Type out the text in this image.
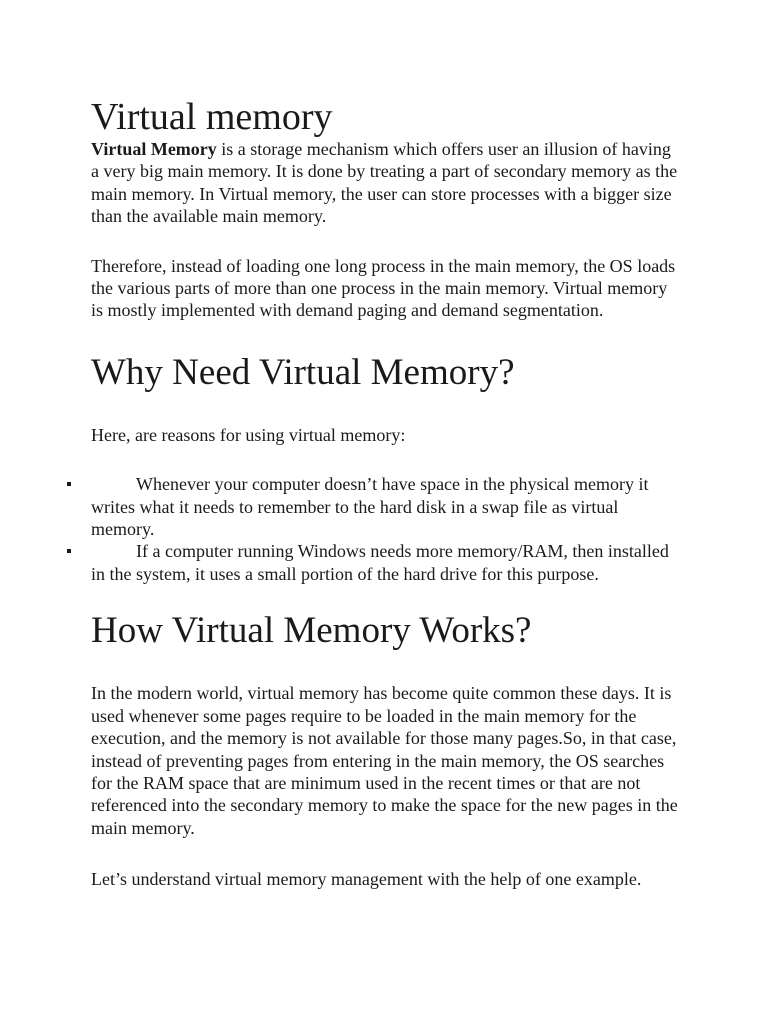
Virtual memory

Virtual Memory is a storage mechanism which offers user an illusion of having a very big main memory. It is done by treating a part of secondary memory as the main memory. In Virtual memory, the user can store processes with a bigger size than the available main memory.

Therefore, instead of loading one long process in the main memory, the OS loads the various parts of more than one process in the main memory. Virtual memory is mostly implemented with demand paging and demand segmentation.

Why Need Virtual Memory?

Here, are reasons for using virtual memory:

Whenever your computer doesn’t have space in the physical memory it writes what it needs to remember to the hard disk in a swap file as virtual memory.
If a computer running Windows needs more memory/RAM, then installed in the system, it uses a small portion of the hard drive for this purpose.
How Virtual Memory Works?

In the modern world, virtual memory has become quite common these days. It is used whenever some pages require to be loaded in the main memory for the execution, and the memory is not available for those many pages.So, in that case, instead of preventing pages from entering in the main memory, the OS searches for the RAM space that are minimum used in the recent times or that are not referenced into the secondary memory to make the space for the new pages in the main memory.

Let’s understand virtual memory management with the help of one example.
